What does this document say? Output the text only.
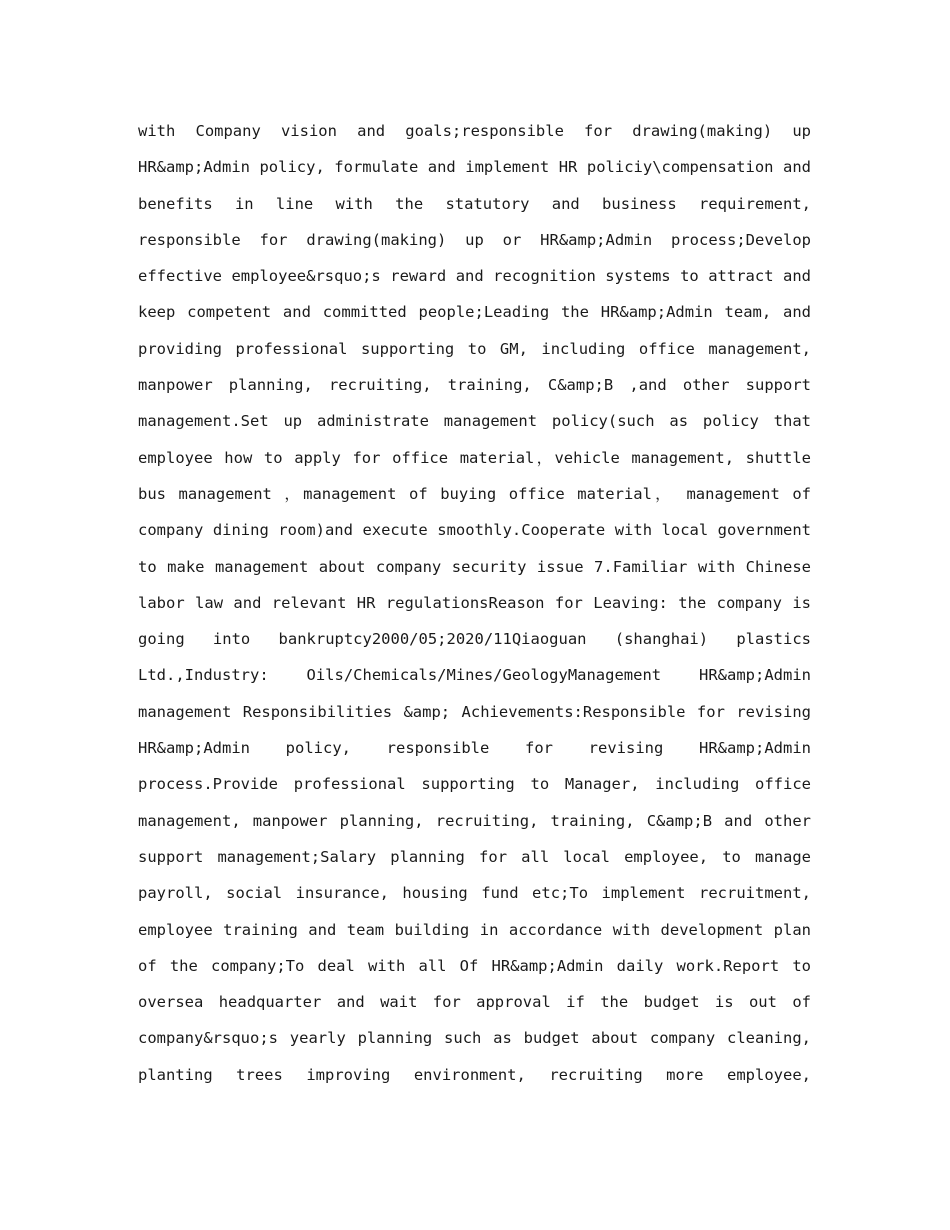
with Company vision and goals;responsible for drawing(making) up
HR&amp;Admin policy, formulate and implement HR policiy\compensation and
benefits in line with the statutory and business requirement,
responsible for drawing(making) up or HR&amp;Admin process;Develop
effective employee&rsquo;s reward and recognition systems to attract and
keep competent and committed people;Leading the HR&amp;Admin team, and
providing professional supporting to GM, including office management,
manpower planning, recruiting, training, C&amp;B ,and other support
management.Set up administrate management policy(such as policy that
employee how to apply for office material，vehicle management, shuttle
bus management ，management of buying office material， management of
company dining room)and execute smoothly.Cooperate with local government
to make management about company security issue 7.Familiar with Chinese
labor law and relevant HR regulationsReason for Leaving: the company is
going into bankruptcy2000/05;2020/11Qiaoguan (shanghai) plastics
Ltd.,Industry: Oils/Chemicals/Mines/GeologyManagement HR&amp;Admin
management Responsibilities &amp; Achievements:Responsible for revising
HR&amp;Admin policy, responsible for revising HR&amp;Admin
process.Provide professional supporting to Manager, including office
management, manpower planning, recruiting, training, C&amp;B and other
support management;Salary planning for all local employee, to manage
payroll, social insurance, housing fund etc;To implement recruitment,
employee training and team building in accordance with development plan
of the company;To deal with all Of HR&amp;Admin daily work.Report to
oversea headquarter and wait for approval if the budget is out of
company&rsquo;s yearly planning such as budget about company cleaning,
planting trees improving environment, recruiting more employee,
